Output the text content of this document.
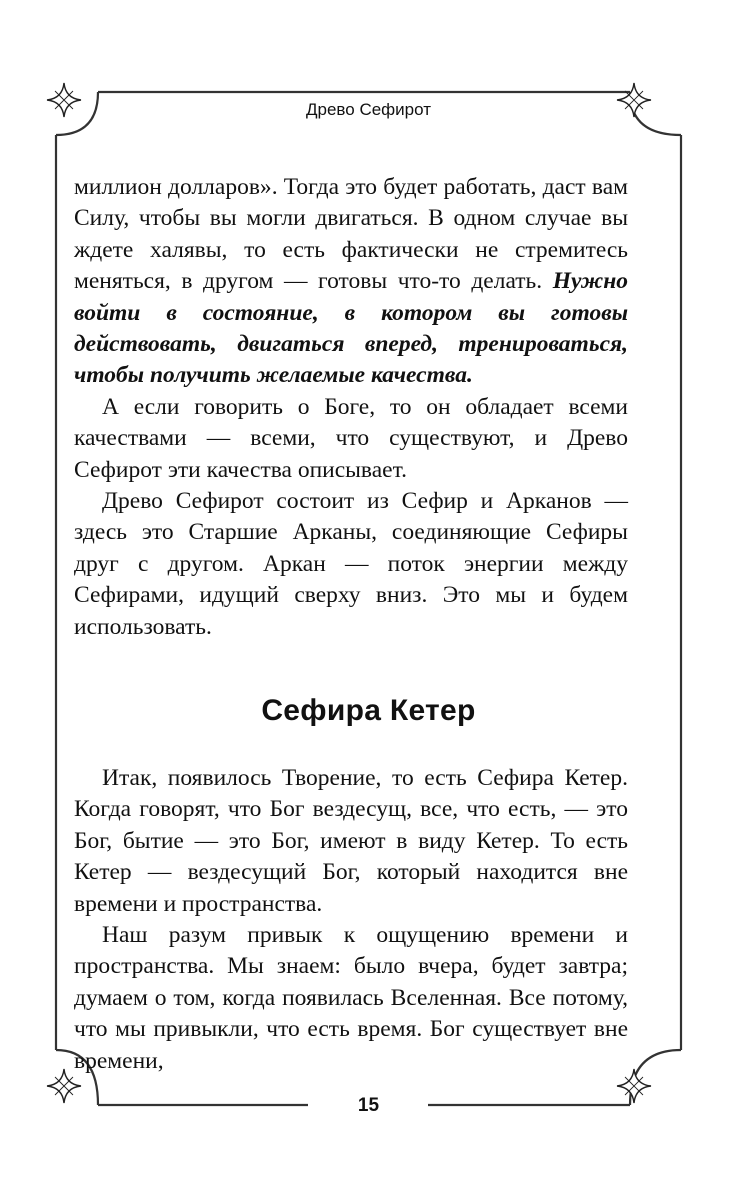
Древо Сефирот

миллион долларов». Тогда это будет работать, даст вам Силу, чтобы вы могли двигаться. В одном случае вы ждете халявы, то есть фактически не стремитесь меняться, в другом — готовы что-то делать. Нужно войти в состояние, в котором вы готовы действовать, двигаться вперед, тренироваться, чтобы получить желаемые качества.

А если говорить о Боге, то он обладает всеми качествами — всеми, что существуют, и Древо Сефирот эти качества описывает.

Древо Сефирот состоит из Сефир и Арканов — здесь это Старшие Арканы, соединяющие Сефиры друг с другом. Аркан — поток энергии между Сефирами, идущий сверху вниз. Это мы и будем использовать.

Сефира Кетер

Итак, появилось Творение, то есть Сефира Кетер. Когда говорят, что Бог вездесущ, все, что есть, — это Бог, бытие — это Бог, имеют в виду Кетер. То есть Кетер — вездесущий Бог, который находится вне времени и пространства.

Наш разум привык к ощущению времени и пространства. Мы знаем: было вчера, будет завтра; думаем о том, когда появилась Вселенная. Все потому, что мы привыкли, что есть время. Бог существует вне времени,

15
